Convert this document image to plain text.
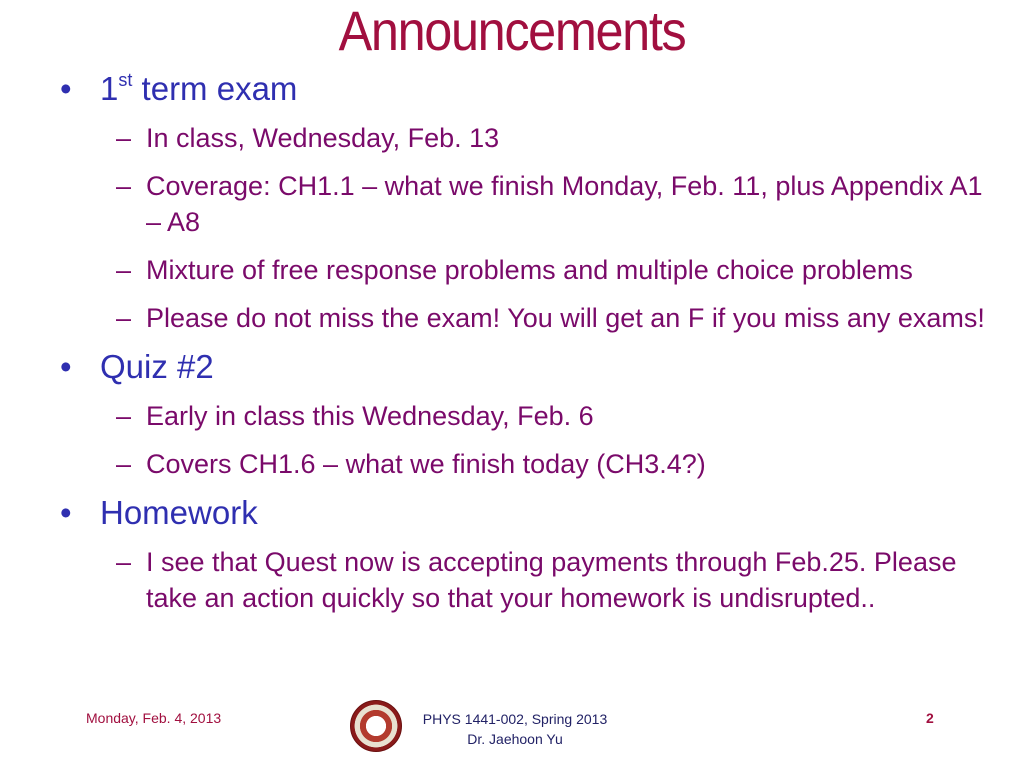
Announcements
• 1st term exam
– In class, Wednesday, Feb. 13
– Coverage: CH1.1 – what we finish Monday, Feb. 11, plus Appendix A1 – A8
– Mixture of free response problems and multiple choice problems
– Please do not miss the exam! You will get an F if you miss any exams!
• Quiz #2
– Early in class this Wednesday, Feb. 6
– Covers CH1.6 – what we finish today (CH3.4?)
• Homework
– I see that Quest now is accepting payments through Feb.25. Please take an action quickly so that your homework is undisrupted..
Monday, Feb. 4, 2013	PHYS 1441-002, Spring 2013
Dr. Jaehoon Yu
2
